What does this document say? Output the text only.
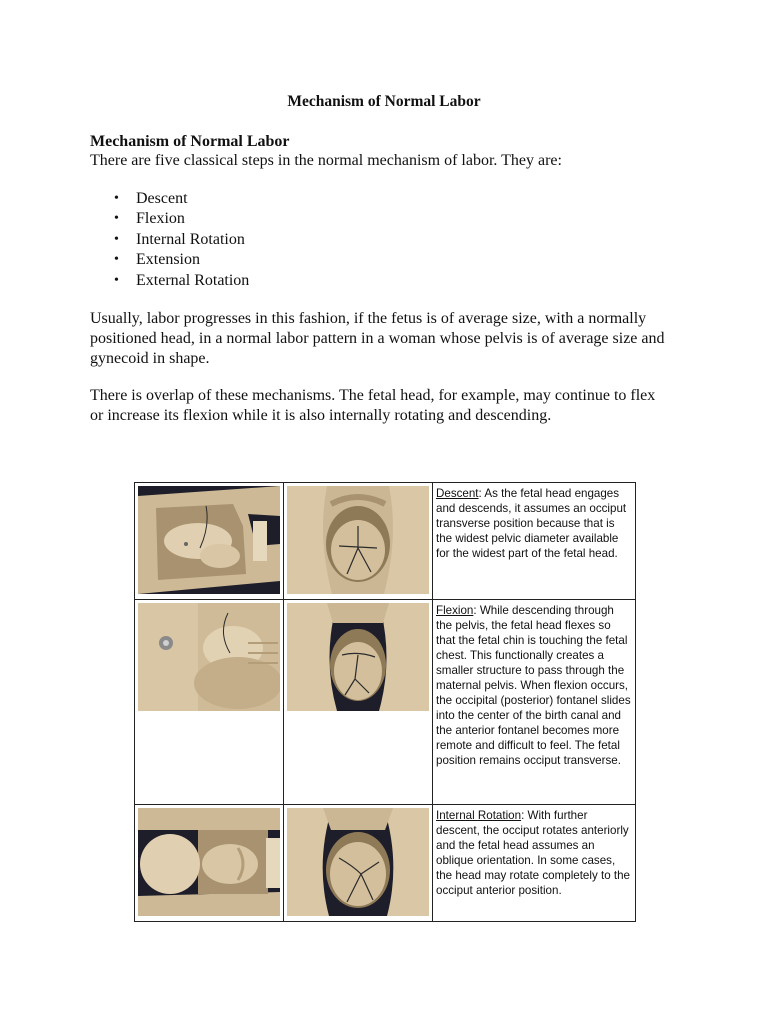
Mechanism of Normal Labor
Mechanism of Normal Labor
There are five classical steps in the normal mechanism of labor. They are:
• Descent
• Flexion
• Internal Rotation
• Extension
• External Rotation

Usually, labor progresses in this fashion, if the fetus is of average size, with a normally positioned head, in a normal labor pattern in a woman whose pelvis is of average size and gynecoid in shape.

There is overlap of these mechanisms. The fetal head, for example, may continue to flex or increase its flexion while it is also internally rotating and descending.

	Descent: As the fetal head engages and descends, it assumes an occiput transverse position because that is the widest pelvic diameter available for the widest part of the fetal head.

	Flexion: While descending through the pelvis, the fetal head flexes so that the fetal chin is touching the fetal chest. This functionally creates a smaller structure to pass through the maternal pelvis. When flexion occurs, the occipital (posterior) fontanel slides into the center of the birth canal and the anterior fontanel becomes more remote and difficult to feel. The fetal position remains occiput transverse.

	Internal Rotation: With further descent, the occiput rotates anteriorly and the fetal head assumes an oblique orientation. In some cases, the head may rotate completely to the occiput anterior position.
